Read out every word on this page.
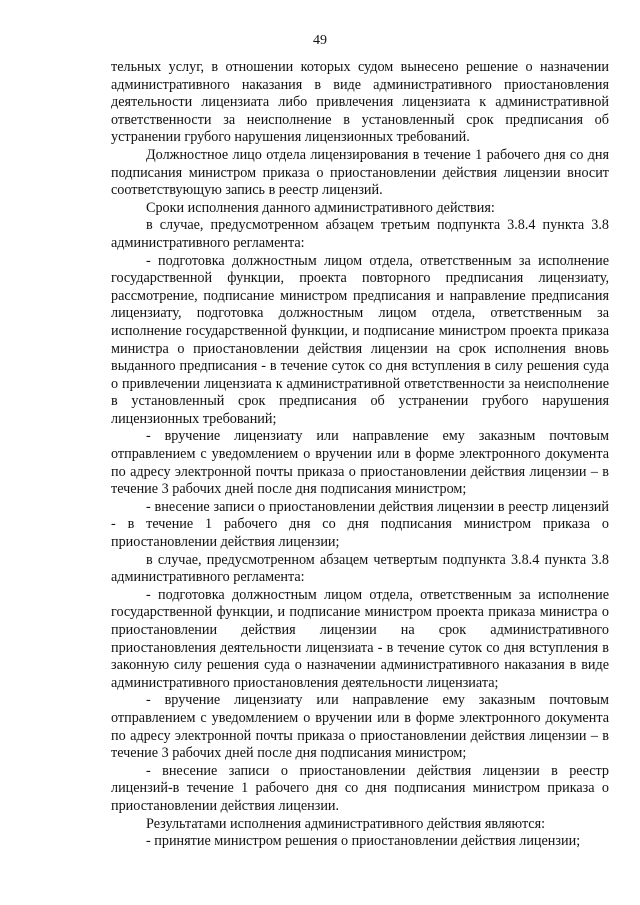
49

тельных услуг, в отношении которых судом вынесено решение о назначении административного наказания в виде административного приостановления деятельности лицензиата либо привлечения лицензиата к административной ответственности за неисполнение в установленный срок предписания об устранении грубого нарушения лицензионных требований.

Должностное лицо отдела лицензирования в течение 1 рабочего дня со дня подписания министром приказа о приостановлении действия лицензии вносит соответствующую запись в реестр лицензий.

Сроки исполнения данного административного действия:

в случае, предусмотренном абзацем третьим подпункта 3.8.4 пункта 3.8 административного регламента:

- подготовка должностным лицом отдела, ответственным за исполнение государственной функции, проекта повторного предписания лицензиату, рассмотрение, подписание министром предписания и направление предписания лицензиату, подготовка должностным лицом отдела, ответственным за исполнение государственной функции, и подписание министром проекта приказа министра о приостановлении действия лицензии на срок исполнения вновь выданного предписания - в течение суток со дня вступления в силу решения суда о привлечении лицензиата к административной ответственности за неисполнение в установленный срок предписания об устранении грубого нарушения лицензионных требований;

- вручение лицензиату или направление ему заказным почтовым отправлением с уведомлением о вручении или в форме электронного документа по адресу электронной почты приказа о приостановлении действия лицензии – в течение 3 рабочих дней после дня подписания министром;

- внесение записи о приостановлении действия лицензии в реестр лицензий - в течение 1 рабочего дня со дня подписания министром приказа о приостановлении действия лицензии;

в случае, предусмотренном абзацем четвертым подпункта 3.8.4 пункта 3.8 административного регламента:

- подготовка должностным лицом отдела, ответственным за исполнение государственной функции, и подписание министром проекта приказа министра о приостановлении действия лицензии на срок административного приостановления деятельности лицензиата - в течение суток со дня вступления в законную силу решения суда о назначении административного наказания в виде административного приостановления деятельности лицензиата;

- вручение лицензиату или направление ему заказным почтовым отправлением с уведомлением о вручении или в форме электронного документа по адресу электронной почты приказа о приостановлении действия лицензии – в течение 3 рабочих дней после дня подписания министром;

- внесение записи о приостановлении действия лицензии в реестр лицензий-в течение 1 рабочего дня со дня подписания министром приказа о приостановлении действия лицензии.

Результатами исполнения административного действия являются:

- принятие министром решения о приостановлении действия лицензии;
